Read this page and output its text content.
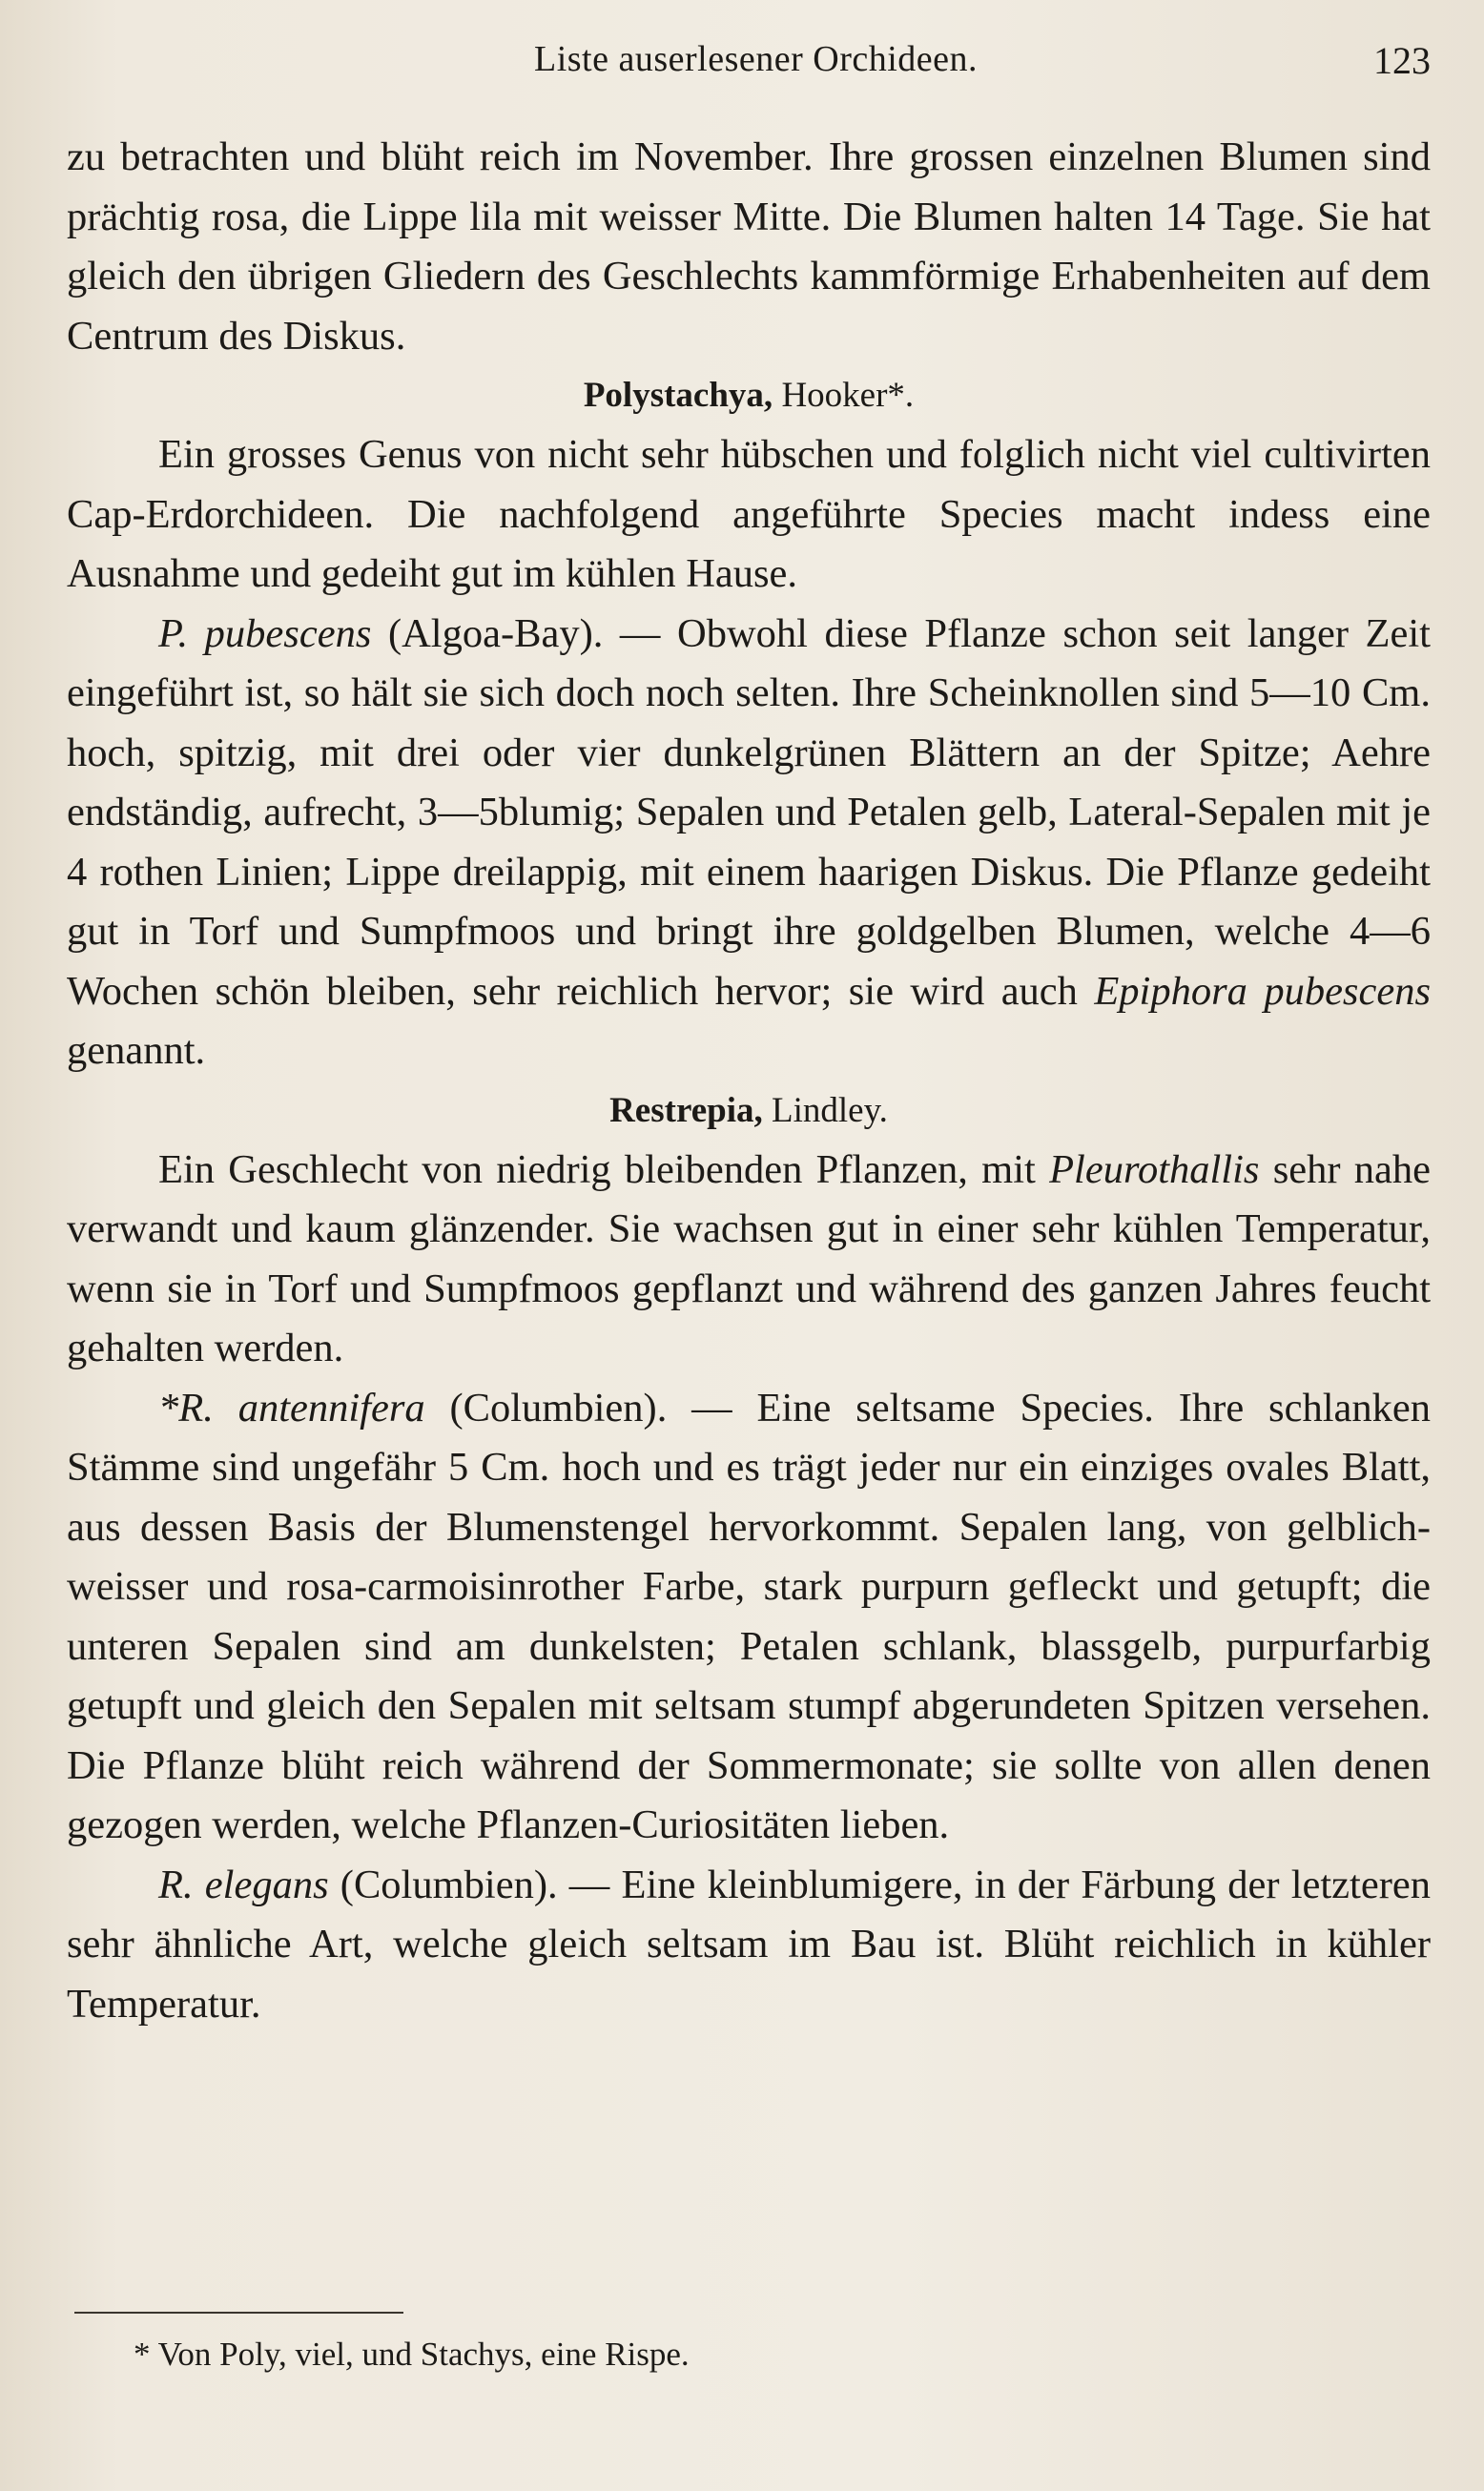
Liste auserlesener Orchideen.	123

zu betrachten und blüht reich im November. Ihre grossen einzelnen Blumen sind prächtig rosa, die Lippe lila mit weisser Mitte. Die Blumen halten 14 Tage. Sie hat gleich den übrigen Gliedern des Geschlechts kammförmige Erhabenheiten auf dem Centrum des Diskus.

Polystachya, Hooker*.

Ein grosses Genus von nicht sehr hübschen und folglich nicht viel cultivirten Cap-Erdorchideen. Die nachfolgend angeführte Species macht indess eine Ausnahme und gedeiht gut im kühlen Hause.

P. pubescens (Algoa-Bay). — Obwohl diese Pflanze schon seit langer Zeit eingeführt ist, so hält sie sich doch noch selten. Ihre Scheinknollen sind 5—10 Cm. hoch, spitzig, mit drei oder vier dunkelgrünen Blättern an der Spitze; Aehre endständig, aufrecht, 3—5blumig; Sepalen und Petalen gelb, Lateral-Sepalen mit je 4 rothen Linien; Lippe dreilappig, mit einem haarigen Diskus. Die Pflanze gedeiht gut in Torf und Sumpfmoos und bringt ihre goldgelben Blumen, welche 4—6 Wochen schön bleiben, sehr reichlich hervor; sie wird auch Epiphora pubescens genannt.

Restrepia, Lindley.

Ein Geschlecht von niedrig bleibenden Pflanzen, mit Pleurothallis sehr nahe verwandt und kaum glänzender. Sie wachsen gut in einer sehr kühlen Temperatur, wenn sie in Torf und Sumpfmoos gepflanzt und während des ganzen Jahres feucht gehalten werden.

*R. antennifera (Columbien). — Eine seltsame Species. Ihre schlanken Stämme sind ungefähr 5 Cm. hoch und es trägt jeder nur ein einziges ovales Blatt, aus dessen Basis der Blumenstengel hervorkommt. Sepalen lang, von gelblich-weisser und rosa-carmoisinrother Farbe, stark purpurn gefleckt und getupft; die unteren Sepalen sind am dunkelsten; Petalen schlank, blassgelb, purpurfarbig getupft und gleich den Sepalen mit seltsam stumpf abgerundeten Spitzen versehen. Die Pflanze blüht reich während der Sommermonate; sie sollte von allen denen gezogen werden, welche Pflanzen-Curiositäten lieben.

R. elegans (Columbien). — Eine kleinblumigere, in der Färbung der letzteren sehr ähnliche Art, welche gleich seltsam im Bau ist. Blüht reichlich in kühler Temperatur.

* Von Poly, viel, und Stachys, eine Rispe.
